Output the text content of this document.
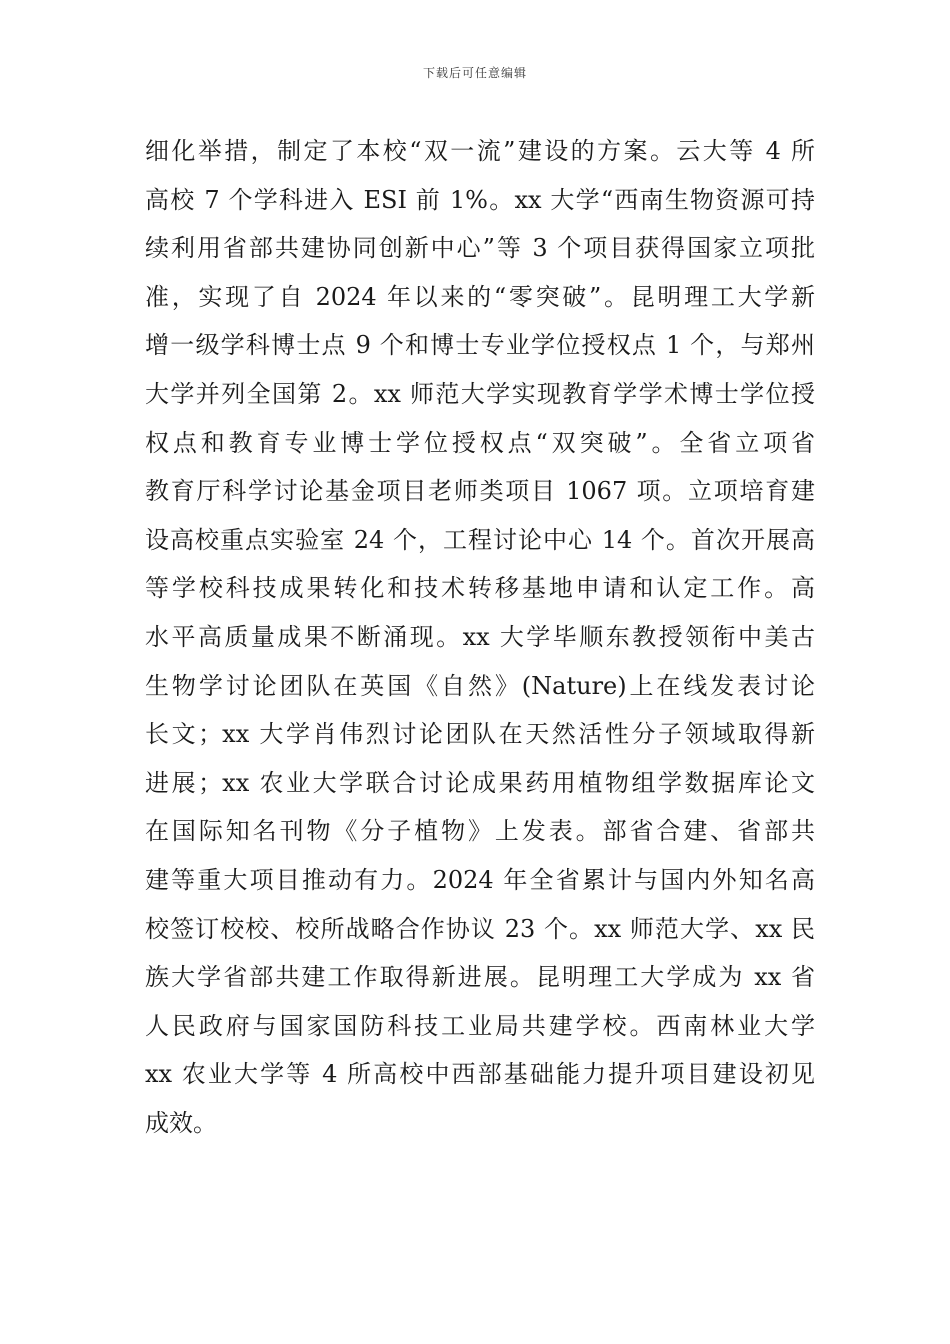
下载后可任意编辑
细化举措，制定了本校“双一流”建设的方案。云大等 4 所
高校 7 个学科进入 ESI 前 1%。xx 大学“西南生物资源可持
续利用省部共建协同创新中心”等 3 个项目获得国家立项批
准，实现了自 2024 年以来的“零突破”。昆明理工大学新
增一级学科博士点 9 个和博士专业学位授权点 1 个，与郑州
大学并列全国第 2。xx 师范大学实现教育学学术博士学位授
权点和教育专业博士学位授权点“双突破”。全省立项省
教育厅科学讨论基金项目老师类项目 1067 项。立项培育建
设高校重点实验室 24 个，工程讨论中心 14 个。首次开展高
等学校科技成果转化和技术转移基地申请和认定工作。高
水平高质量成果不断涌现。xx 大学毕顺东教授领衔中美古
生物学讨论团队在英国《自然》(Nature)上在线发表讨论
长文；xx 大学肖伟烈讨论团队在天然活性分子领域取得新
进展；xx 农业大学联合讨论成果药用植物组学数据库论文
在国际知名刊物《分子植物》上发表。部省合建、省部共
建等重大项目推动有力。2024 年全省累计与国内外知名高
校签订校校、校所战略合作协议 23 个。xx 师范大学、xx 民
族大学省部共建工作取得新进展。昆明理工大学成为 xx 省
人民政府与国家国防科技工业局共建学校。西南林业大学
xx 农业大学等 4 所高校中西部基础能力提升项目建设初见
成效。
